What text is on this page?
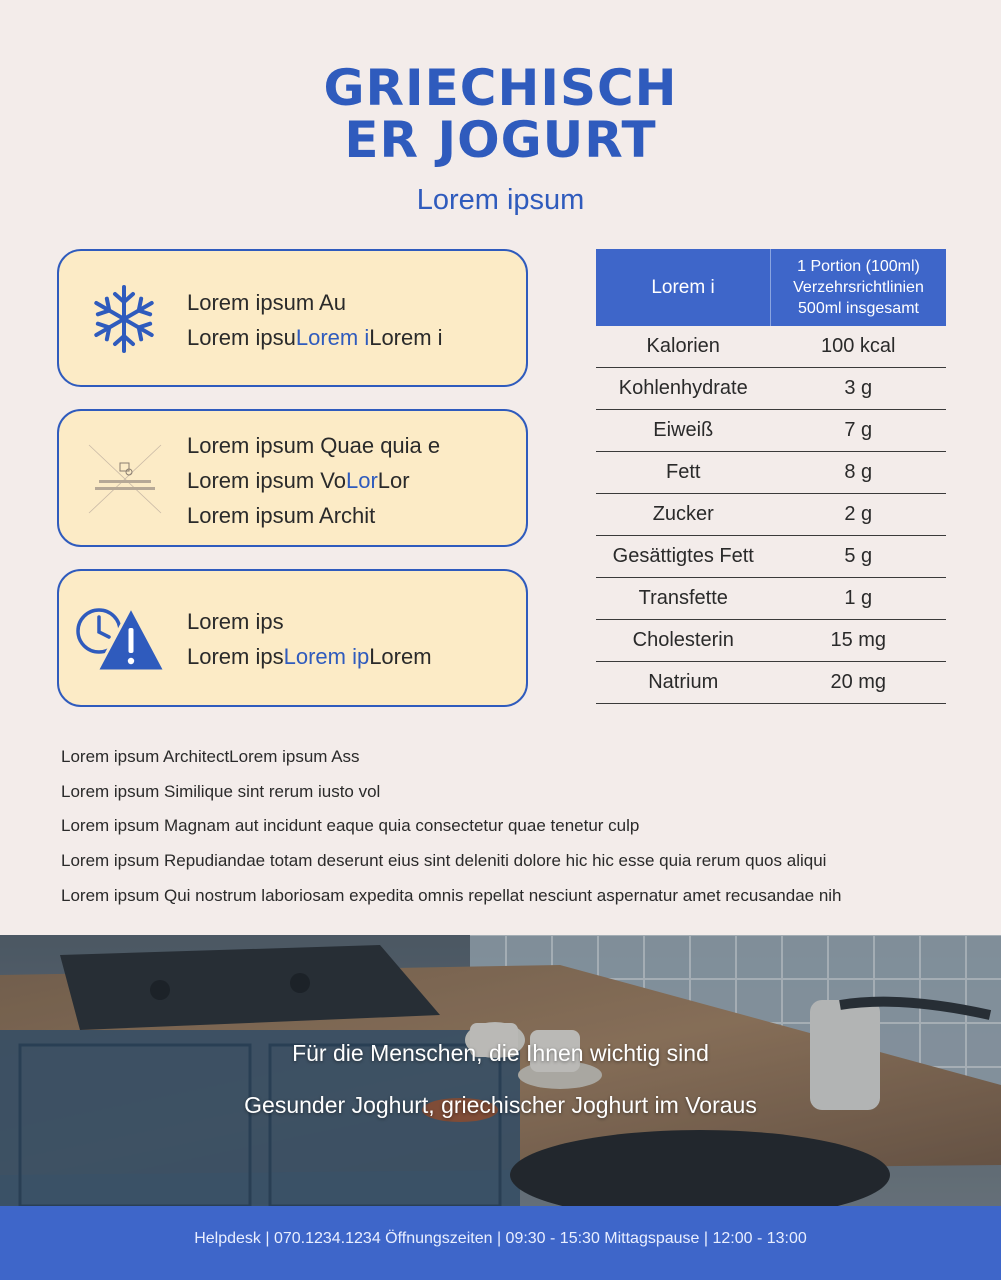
GRIECHISCH
ER JOGURT
Lorem ipsum
Lorem ipsum Au
Lorem ipsuLorem iLorem i
Lorem ipsum Quae quia e
Lorem ipsum VoLorLor
Lorem ipsum Archit
Lorem ips
Lorem ipsLorem ipLorem
Lorem i	1 Portion (100ml)
Verzehrsrichtlinien
500ml insgesamt

Kalorien	100 kcal
Kohlenhydrate	3 g
Eiweiß	7 g
Fett	8 g
Zucker	2 g
Gesättigtes Fett	5 g
Transfette	1 g
Cholesterin	15 mg
Natrium	20 mg
Lorem ipsum ArchitectLorem ipsum Ass
Lorem ipsum Similique sint rerum iusto vol
Lorem ipsum Magnam aut incidunt eaque quia consectetur quae tenetur culp
Lorem ipsum Repudiandae totam deserunt eius sint deleniti dolore hic hic esse quia rerum quos aliqui
Lorem ipsum Qui nostrum laboriosam expedita omnis repellat nesciunt aspernatur amet recusandae nih
Für die Menschen, die Ihnen wichtig sind
Gesunder Joghurt, griechischer Joghurt im Voraus
Helpdesk | 070.1234.1234 Öffnungszeiten | 09:30 - 15:30 Mittagspause | 12:00 - 13:00
